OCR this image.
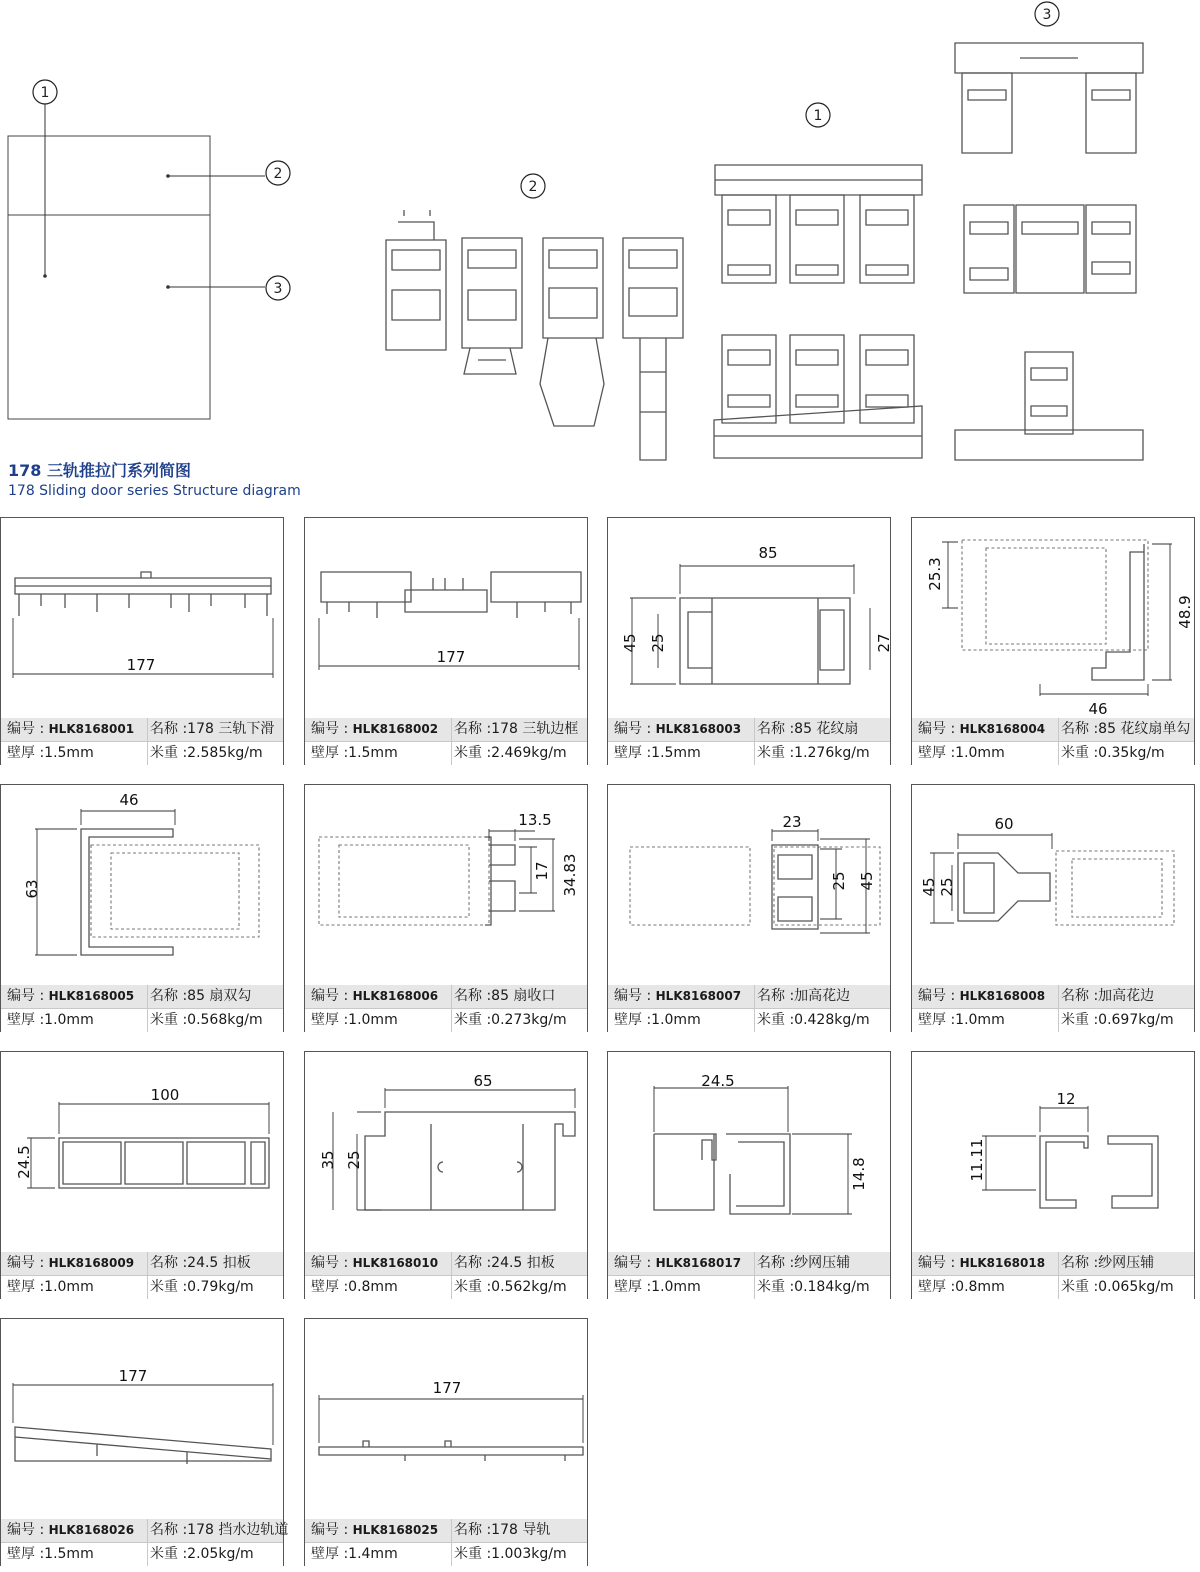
1
2
3
2
1
3
178 三轨推拉门系列简图
178 Sliding door series Structure diagram
177
编号 : HLK8168001	名称 :178 三轨下滑
壁厚 :1.5mm	米重 :2.585kg/m
177
编号 : HLK8168002	名称 :178 三轨边框
壁厚 :1.5mm	米重 :2.469kg/m
85
45 25	27
编号 : HLK8168003	名称 :85 花纹扇
壁厚 :1.5mm	米重 :1.276kg/m
25.3
48.9
46
编号 : HLK8168004	名称 :85 花纹扇单勾
壁厚 :1.0mm	米重 :0.35kg/m
46
63
编号 : HLK8168005	名称 :85 扇双勾
壁厚 :1.0mm	米重 :0.568kg/m
13.5
17 34.83
编号 : HLK8168006	名称 :85 扇收口
壁厚 :1.0mm	米重 :0.273kg/m
23
25 45
编号 : HLK8168007	名称 :加高花边
壁厚 :1.0mm	米重 :0.428kg/m
60
45 25
编号 : HLK8168008	名称 :加高花边
壁厚 :1.0mm	米重 :0.697kg/m
100
24.5
编号 : HLK8168009	名称 :24.5 扣板
壁厚 :1.0mm	米重 :0.79kg/m
65
35 25
编号 : HLK8168010	名称 :24.5 扣板
壁厚 :0.8mm	米重 :0.562kg/m
24.5
14.8
编号 : HLK8168017	名称 :纱网压辅
壁厚 :1.0mm	米重 :0.184kg/m
12
11.11
编号 : HLK8168018	名称 :纱网压辅
壁厚 :0.8mm	米重 :0.065kg/m
177
编号 : HLK8168026	名称 :178 挡水边轨道
壁厚 :1.5mm	米重 :2.05kg/m
177
编号 : HLK8168025	名称 :178 导轨
壁厚 :1.4mm	米重 :1.003kg/m
